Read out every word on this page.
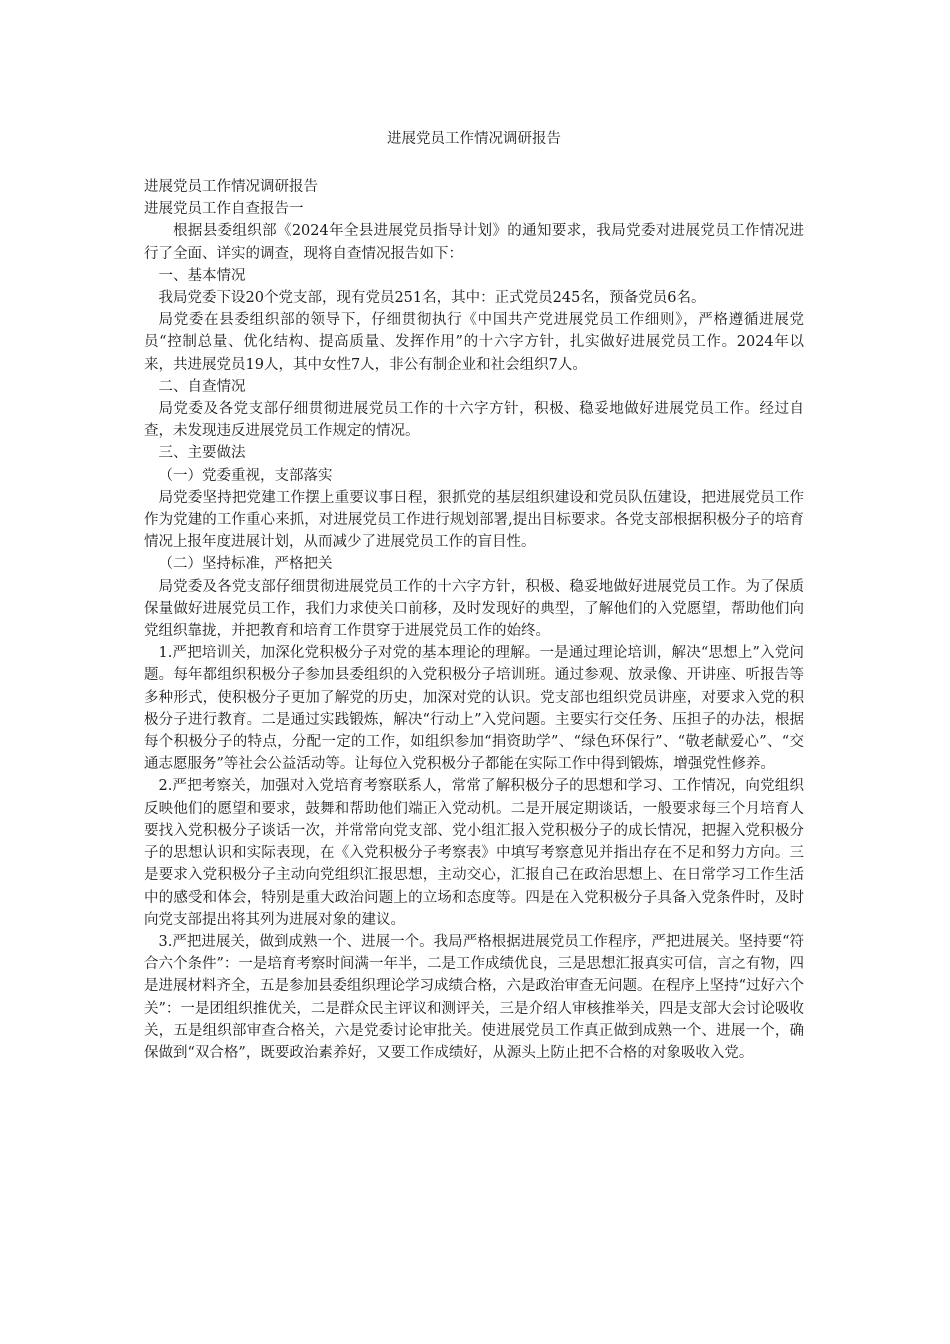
进展党员工作情况调研报告

进展党员工作情况调研报告

进展党员工作自查报告一

根据县委组织部《2024年全县进展党员指导计划》的通知要求，我局党委对进展党员工作情况进行了全面、详实的调查，现将自查情况报告如下：

一、基本情况

我局党委下设20个党支部，现有党员251名，其中：正式党员245名，预备党员6名。

局党委在县委组织部的领导下，仔细贯彻执行《中国共产党进展党员工作细则》，严格遵循进展党员“控制总量、优化结构、提高质量、发挥作用”的十六字方针，扎实做好进展党员工作。2024年以来，共进展党员19人，其中女性7人，非公有制企业和社会组织7人。

二、自查情况

局党委及各党支部仔细贯彻进展党员工作的十六字方针，积极、稳妥地做好进展党员工作。经过自查，未发现违反进展党员工作规定的情况。

三、主要做法

（一）党委重视，支部落实

局党委坚持把党建工作摆上重要议事日程，狠抓党的基层组织建设和党员队伍建设，把进展党员工作作为党建的工作重心来抓，对进展党员工作进行规划部署,提出目标要求。各党支部根据积极分子的培育情况上报年度进展计划，从而减少了进展党员工作的盲目性。

（二）坚持标准，严格把关

局党委及各党支部仔细贯彻进展党员工作的十六字方针，积极、稳妥地做好进展党员工作。为了保质保量做好进展党员工作，我们力求使关口前移，及时发现好的典型，了解他们的入党愿望，帮助他们向党组织靠拢，并把教育和培育工作贯穿于进展党员工作的始终。

1.严把培训关，加深化党积极分子对党的基本理论的理解。一是通过理论培训，解决“思想上”入党问题。每年都组织积极分子参加县委组织的入党积极分子培训班。通过参观、放录像、开讲座、听报告等多种形式，使积极分子更加了解党的历史，加深对党的认识。党支部也组织党员讲座，对要求入党的积极分子进行教育。二是通过实践锻炼，解决“行动上”入党问题。主要实行交任务、压担子的办法，根据每个积极分子的特点，分配一定的工作，如组织参加“捐资助学”、“绿色环保行”、“敬老献爱心”、“交通志愿服务”等社会公益活动等。让每位入党积极分子都能在实际工作中得到锻炼，增强党性修养。

2.严把考察关，加强对入党培育考察联系人，常常了解积极分子的思想和学习、工作情况，向党组织反映他们的愿望和要求，鼓舞和帮助他们端正入党动机。二是开展定期谈话，一般要求每三个月培育人要找入党积极分子谈话一次，并常常向党支部、党小组汇报入党积极分子的成长情况，把握入党积极分子的思想认识和实际表现，在《入党积极分子考察表》中填写考察意见并指出存在不足和努力方向。三是要求入党积极分子主动向党组织汇报思想，主动交心，汇报自己在政治思想上、在日常学习工作生活中的感受和体会，特别是重大政治问题上的立场和态度等。四是在入党积极分子具备入党条件时，及时向党支部提出将其列为进展对象的建议。

3.严把进展关，做到成熟一个、进展一个。我局严格根据进展党员工作程序，严把进展关。坚持要“符合六个条件”：一是培育考察时间满一年半，二是工作成绩优良，三是思想汇报真实可信，言之有物，四是进展材料齐全，五是参加县委组织理论学习成绩合格，六是政治审查无问题。在程序上坚持“过好六个关”：一是团组织推优关，二是群众民主评议和测评关，三是介绍人审核推举关，四是支部大会讨论吸收关，五是组织部审查合格关，六是党委讨论审批关。使进展党员工作真正做到成熟一个、进展一个，确保做到“双合格”，既要政治素养好，又要工作成绩好，从源头上防止把不合格的对象吸收入党。
